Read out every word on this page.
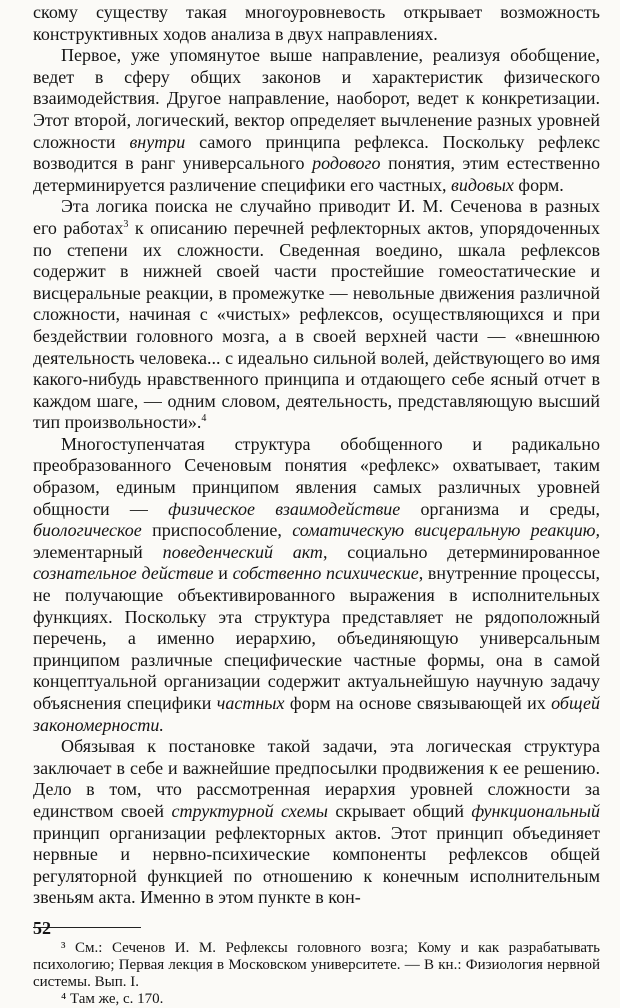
скому существу такая многоуровневость открывает возможность конструктивных ходов анализа в двух направлениях.

Первое, уже упомянутое выше направление, реализуя обобщение, ведет в сферу общих законов и характеристик физического взаимодействия. Другое направление, наоборот, ведет к конкретизации. Этот второй, логический, вектор определяет вычленение разных уровней сложности внутри самого принципа рефлекса. Поскольку рефлекс возводится в ранг универсального родового понятия, этим естественно детерминируется различение специфики его частных, видовых форм.

Эта логика поиска не случайно приводит И. М. Сеченова в разных его работах$^3$ к описанию перечней рефлекторных актов, упорядоченных по степени их сложности. Сведенная воедино, шкала рефлексов содержит в нижней своей части простейшие гомеостатические и висцеральные реакции, в промежутке — невольные движения различной сложности, начиная с «чистых» рефлексов, осуществляющихся и при бездействии головного мозга, а в своей верхней части — «внешнюю деятельность человека... с идеально сильной волей, действующего во имя какого-нибудь нравственного принципа и отдающего себе ясный отчет в каждом шаге, — одним словом, деятельность, представляющую высший тип произвольности».$^4$

Многоступенчатая структура обобщенного и радикально преобразованного Сеченовым понятия «рефлекс» охватывает, таким образом, единым принципом явления самых различных уровней общности — физическое взаимодействие организма и среды, биологическое приспособление, соматическую висцеральную реакцию, элементарный поведенческий акт, социально детерминированное сознательное действие и собственно психические, внутренние процессы, не получающие объективированного выражения в исполнительных функциях. Поскольку эта структура представляет не рядоположный перечень, а именно иерархию, объединяющую универсальным принципом различные специфические частные формы, она в самой концептуальной организации содержит актуальнейшую научную задачу объяснения специфики частных форм на основе связывающей их общей закономерности.

Обязывая к постановке такой задачи, эта логическая структура заключает в себе и важнейшие предпосылки продвижения к ее решению. Дело в том, что рассмотренная иерархия уровней сложности за единством своей структурной схемы скрывает общий функциональный принцип организации рефлекторных актов. Этот принцип объединяет нервные и нервно-психические компоненты рефлексов общей регуляторной функцией по отношению к конечным исполнительным звеньям акта. Именно в этом пункте в кон-

³ См.: Сеченов И. М. Рефлексы головного возга; Кому и как разрабатывать психологию; Первая лекция в Московском университете. — В кн.: Физиология нервной системы. Вып. I.

⁴ Там же, с. 170.

52
